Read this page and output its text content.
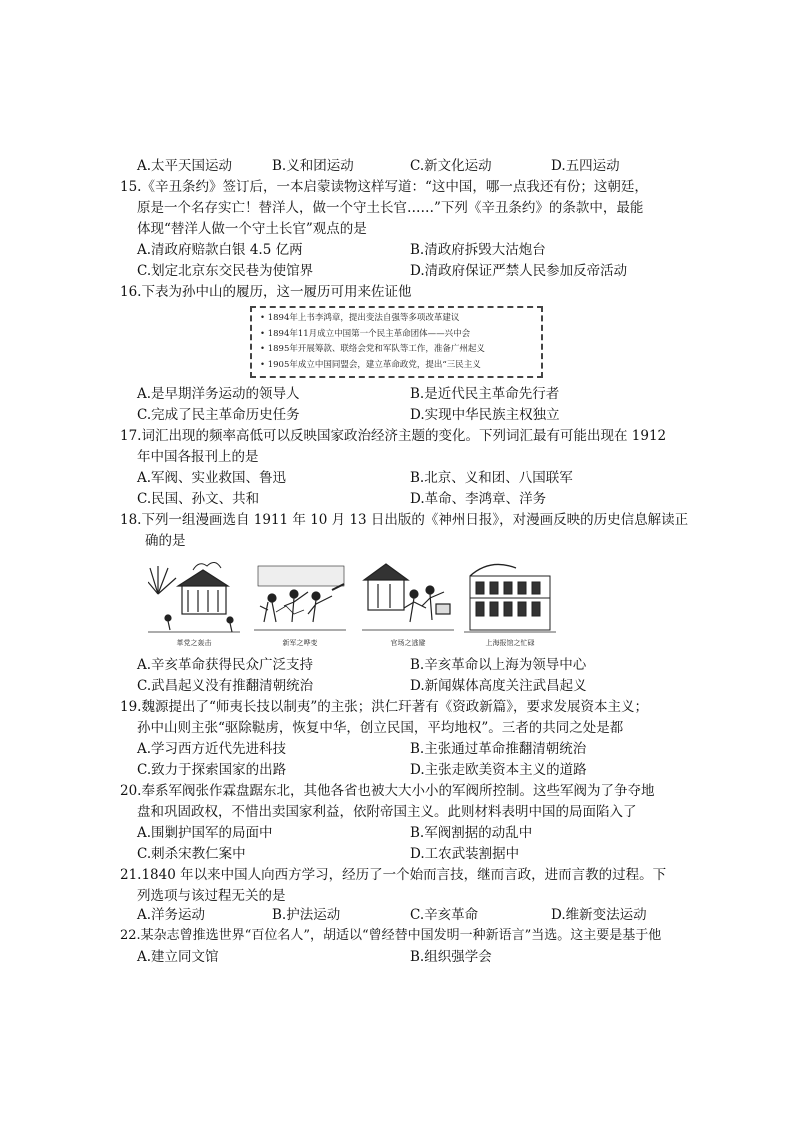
A.太平天国运动	B.义和团运动	C.新文化运动	D.五四运动
15.《辛丑条约》签订后，一本启蒙读物这样写道：“这中国，哪一点我还有份；这朝廷，
原是一个名存实亡！替洋人，做一个守土长官……”下列《辛丑条约》的条款中，最能
体现“替洋人做一个守土长官”观点的是
A.清政府赔款白银 4.5 亿两	B.清政府拆毁大沽炮台
C.划定北京东交民巷为使馆界	D.清政府保证严禁人民参加反帝活动
16.下表为孙中山的履历，这一履历可用来佐证他
• 1894年上书李鸿章，提出变法自强等多项改革建议
• 1894年11月成立中国第一个民主革命团体——兴中会
• 1895年开展筹款、联络会党和军队等工作，准备广州起义
• 1905年成立中国同盟会，建立革命政党，提出“三民主义
A.是早期洋务运动的领导人	B.是近代民主革命先行者
C.完成了民主革命历史任务	D.实现中华民族主权独立
17.词汇出现的频率高低可以反映国家政治经济主题的变化。下列词汇最有可能出现在 1912
年中国各报刊上的是
A.军阀、实业救国、鲁迅	B.北京、义和团、八国联军
C.民国、孙文、共和	D.革命、李鸿章、洋务
18.下列一组漫画选自 1911 年 10 月 13 日出版的《神州日报》，对漫画反映的历史信息解读正
确的是
革党之轰击	新军之哗变	官场之逃避	上海报馆之忙碌
A.辛亥革命获得民众广泛支持	B.辛亥革命以上海为领导中心
C.武昌起义没有推翻清朝统治	D.新闻媒体高度关注武昌起义
19.魏源提出了“师夷长技以制夷”的主张；洪仁玕著有《资政新篇》，要求发展资本主义；
孙中山则主张“驱除鞑虏，恢复中华，创立民国，平均地权”。三者的共同之处是都
A.学习西方近代先进科技	B.主张通过革命推翻清朝统治
C.致力于探索国家的出路	D.主张走欧美资本主义的道路
20.奉系军阀张作霖盘踞东北，其他各省也被大大小小的军阀所控制。这些军阀为了争夺地
盘和巩固政权，不惜出卖国家利益，依附帝国主义。此则材料表明中国的局面陷入了
A.围剿护国军的局面中	B.军阀割据的动乱中
C.刺杀宋教仁案中	D.工农武装割据中
21.1840 年以来中国人向西方学习，经历了一个始而言技，继而言政，进而言教的过程。下
列选项与该过程无关的是
A.洋务运动	B.护法运动	C.辛亥革命	D.维新变法运动
22.某杂志曾推选世界“百位名人”，胡适以“曾经替中国发明一种新语言”当选。这主要是基于他
A.建立同文馆	B.组织强学会
